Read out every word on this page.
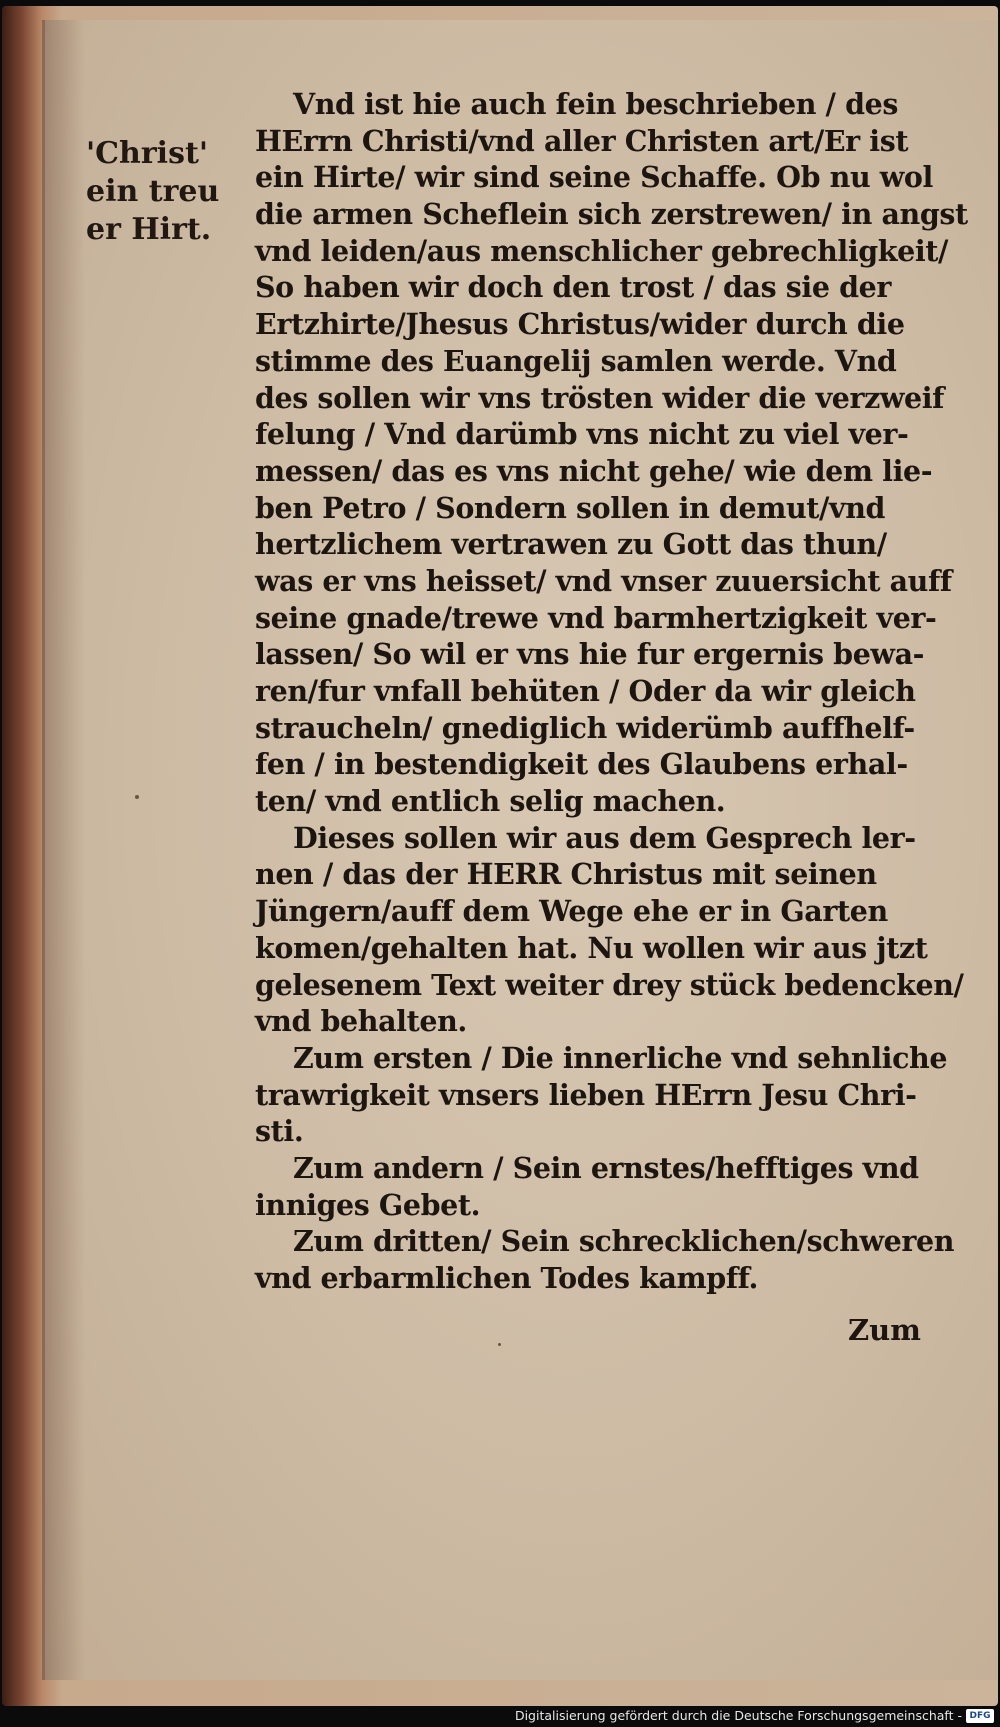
'Christ'
ein treu
er Hirt.
Vnd ist hie auch fein beschrieben / des
HErrn Christi/vnd aller Christen art/Er ist
ein Hirte/ wir sind seine Schaffe. Ob nu wol
die armen Scheflein sich zerstrewen/ in angst
vnd leiden/aus menschlicher gebrechligkeit/
So haben wir doch den trost / das sie der
Ertzhirte/Jhesus Christus/wider durch die
stimme des Euangelij samlen werde. Vnd
des sollen wir vns trösten wider die verzweif
felung / Vnd darümb vns nicht zu viel ver-
messen/ das es vns nicht gehe/ wie dem lie-
ben Petro / Sondern sollen in demut/vnd
hertzlichem vertrawen zu Gott das thun/
was er vns heisset/ vnd vnser zuuersicht auff
seine gnade/trewe vnd barmhertzigkeit ver-
lassen/ So wil er vns hie fur ergernis bewa-
ren/fur vnfall behüten / Oder da wir gleich
straucheln/ gnediglich widerümb auffhelf-
fen / in bestendigkeit des Glaubens erhal-
ten/ vnd entlich selig machen.
Dieses sollen wir aus dem Gesprech ler-
nen / das der HERR Christus mit seinen
Jüngern/auff dem Wege ehe er in Garten
komen/gehalten hat. Nu wollen wir aus jtzt
gelesenem Text weiter drey stück bedencken/
vnd behalten.
Zum ersten / Die innerliche vnd sehnliche
trawrigkeit vnsers lieben HErrn Jesu Chri-
sti.
Zum andern / Sein ernstes/hefftiges vnd
inniges Gebet.
Zum dritten/ Sein schrecklichen/schweren
vnd erbarmlichen Todes kampff.
Zum
Digitalisierung gefördert durch die Deutsche Forschungsgemeinschaft - DFG
